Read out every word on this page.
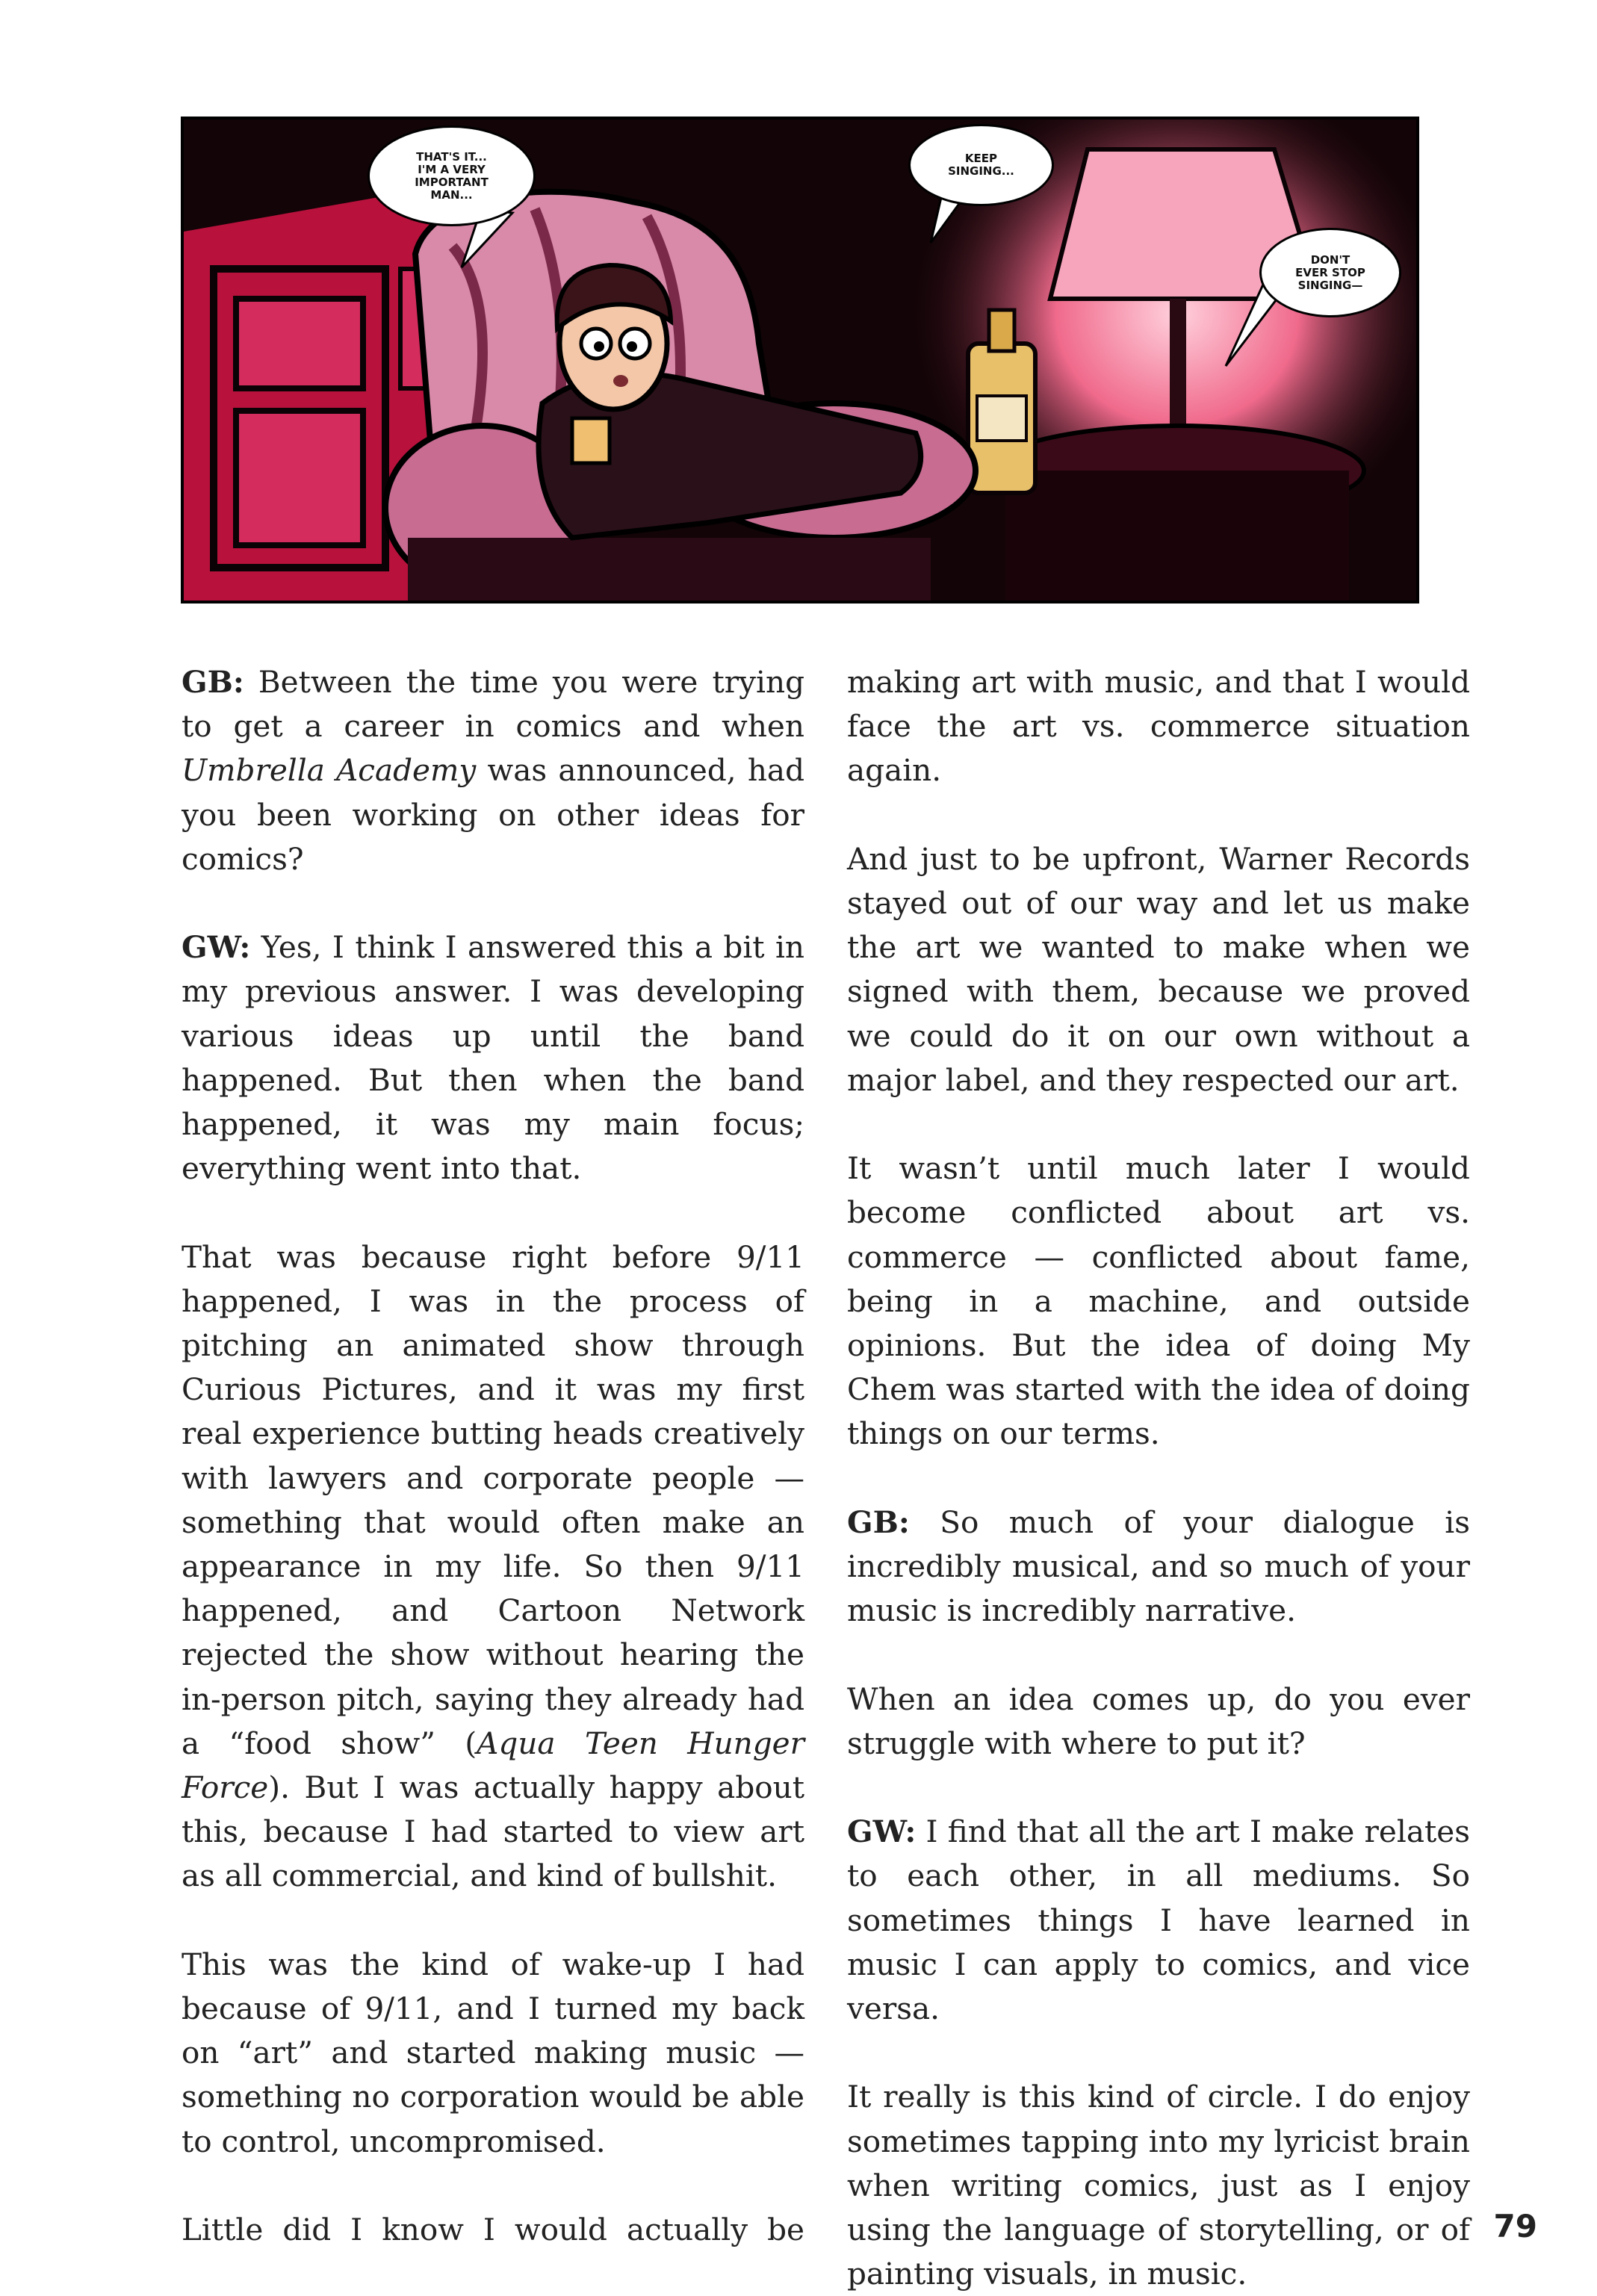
THAT'S IT...
I'M A VERY
IMPORTANT
MAN...
KEEP
SINGING...
DON'T
EVER STOP
SINGING—

GB: Between the time you were trying to get a career in comics and when Umbrella Academy was announced, had you been working on other ideas for comics?

GW: Yes, I think I answered this a bit in my previous answer. I was developing various ideas up until the band happened. But then when the band happened, it was my main focus; everything went into that.

That was because right before 9/11 happened, I was in the process of pitching an animated show through Curious Pictures, and it was my first real experience butting heads creatively with lawyers and corporate people — something that would often make an appearance in my life. So then 9/11 happened, and Cartoon Network rejected the show without hearing the in-person pitch, saying they already had a “food show” (Aqua Teen Hunger Force). But I was actually happy about this, because I had started to view art as all commercial, and kind of bullshit.

This was the kind of wake-up I had because of 9/11, and I turned my back on “art” and started making music — something no corporation would be able to control, uncompromised.

Little did I know I would actually be

making art with music, and that I would face the art vs. commerce situation again.

And just to be upfront, Warner Records stayed out of our way and let us make the art we wanted to make when we signed with them, because we proved we could do it on our own without a major label, and they respected our art.

It wasn’t until much later I would become conflicted about art vs. commerce — conflicted about fame, being in a machine, and outside opinions. But the idea of doing My Chem was started with the idea of doing things on our terms.

GB: So much of your dialogue is incredibly musical, and so much of your music is incredibly narrative.

When an idea comes up, do you ever struggle with where to put it?

GW: I find that all the art I make relates to each other, in all mediums. So sometimes things I have learned in music I can apply to comics, and vice versa.

It really is this kind of circle. I do enjoy sometimes tapping into my lyricist brain when writing comics, just as I enjoy using the language of storytelling, or of painting visuals, in music.

79
